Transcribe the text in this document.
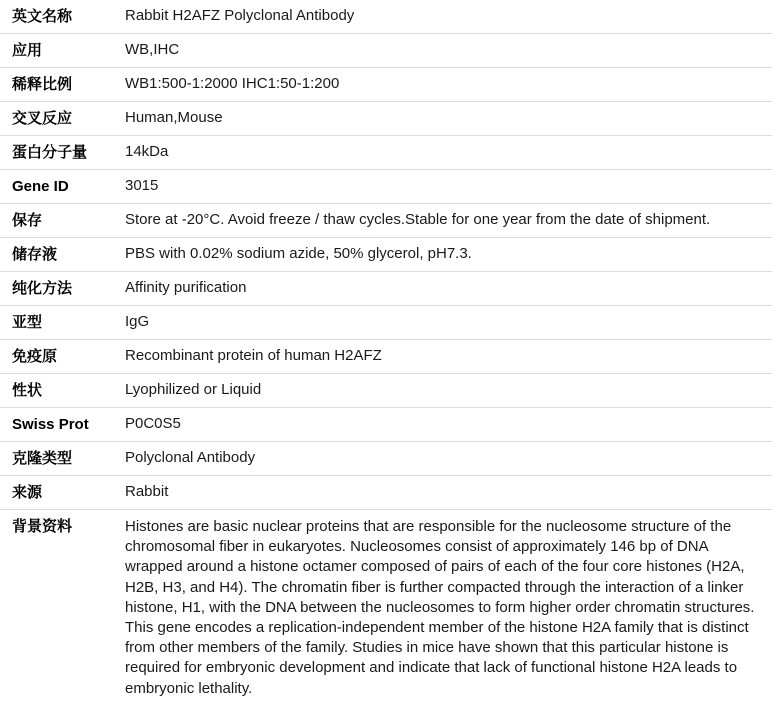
英文名称	Rabbit H2AFZ Polyclonal Antibody
应用	WB,IHC
稀释比例	WB1:500-1:2000 IHC1:50-1:200
交叉反应	Human,Mouse
蛋白分子量	14kDa
Gene ID	3015
保存	Store at -20°C. Avoid freeze / thaw cycles.Stable for one year from the date of shipment.
储存液	PBS with 0.02% sodium azide, 50% glycerol, pH7.3.
纯化方法	Affinity purification
亚型	IgG
免疫原	Recombinant protein of human H2AFZ
性状	Lyophilized or Liquid
Swiss Prot	P0C0S5
克隆类型	Polyclonal Antibody
来源	Rabbit
背景资料	Histones are basic nuclear proteins that are responsible for the nucleosome structure of the chromosomal fiber in eukaryotes. Nucleosomes consist of approximately 146 bp of DNA wrapped around a histone octamer composed of pairs of each of the four core histones (H2A, H2B, H3, and H4). The chromatin fiber is further compacted through the interaction of a linker histone, H1, with the DNA between the nucleosomes to form higher order chromatin structures. This gene encodes a replication-independent member of the histone H2A family that is distinct from other members of the family. Studies in mice have shown that this particular histone is required for embryonic development and indicate that lack of functional histone H2A leads to embryonic lethality.
